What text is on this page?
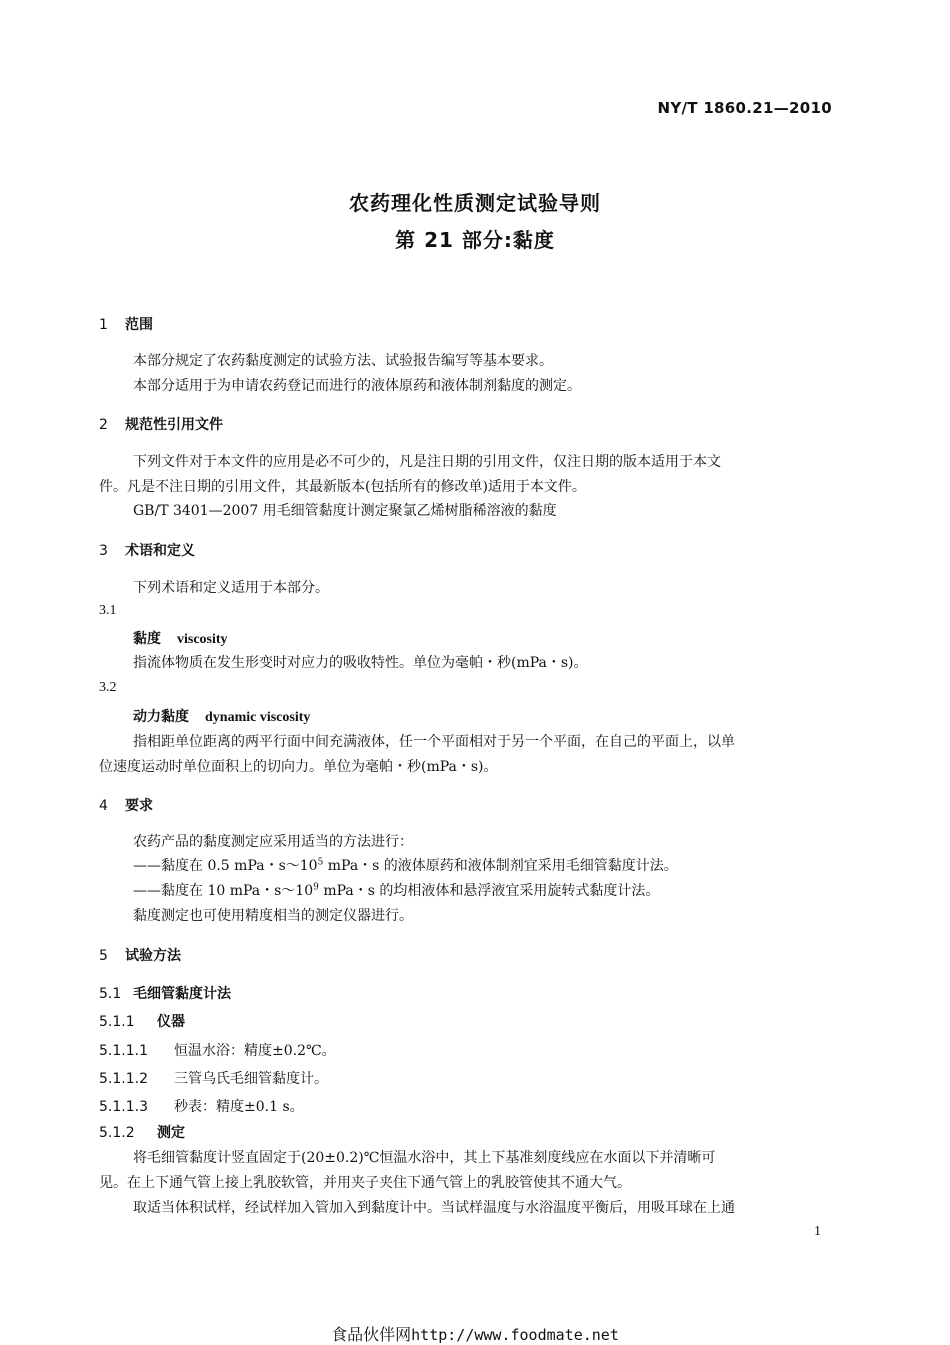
NY/T 1860.21—2010
农药理化性质测定试验导则
第 21 部分:黏度
1 范围
本部分规定了农药黏度测定的试验方法、试验报告编写等基本要求。
本部分适用于为申请农药登记而进行的液体原药和液体制剂黏度的测定。
2 规范性引用文件
下列文件对于本文件的应用是必不可少的，凡是注日期的引用文件，仅注日期的版本适用于本文
件。凡是不注日期的引用文件，其最新版本(包括所有的修改单)适用于本文件。
GB/T 3401—2007 用毛细管黏度计测定聚氯乙烯树脂稀溶液的黏度
3 术语和定义
下列术语和定义适用于本部分。
3.1
黏度 viscosity
指流体物质在发生形变时对应力的吸收特性。单位为毫帕・秒(mPa・s)。
3.2
动力黏度 dynamic viscosity
指相距单位距离的两平行面中间充满液体，任一个平面相对于另一个平面，在自己的平面上，以单
位速度运动时单位面积上的切向力。单位为毫帕・秒(mPa・s)。
4 要求
农药产品的黏度测定应采用适当的方法进行：
——黏度在 0.5 mPa・$s\sim 10^5$ mPa・s 的液体原药和液体制剂宜采用毛细管黏度计法。
——黏度在 10 mPa・$s\sim 10^9$ mPa・s 的均相液体和悬浮液宜采用旋转式黏度计法。
黏度测定也可使用精度相当的测定仪器进行。
5 试验方法
5.1 毛细管黏度计法
5.1.1 仪器
5.1.1.1 恒温水浴：精度±0.2℃。
5.1.1.2 三管乌氏毛细管黏度计。
5.1.1.3 秒表：精度±0.1 s。
5.1.2 测定
将毛细管黏度计竖直固定于(20±0.2)℃恒温水浴中，其上下基准刻度线应在水面以下并清晰可
见。在上下通气管上接上乳胶软管，并用夹子夹住下通气管上的乳胶管使其不通大气。
取适当体积试样，经试样加入管加入到黏度计中。当试样温度与水浴温度平衡后，用吸耳球在上通
1
食品伙伴网http://www.foodmate.net
